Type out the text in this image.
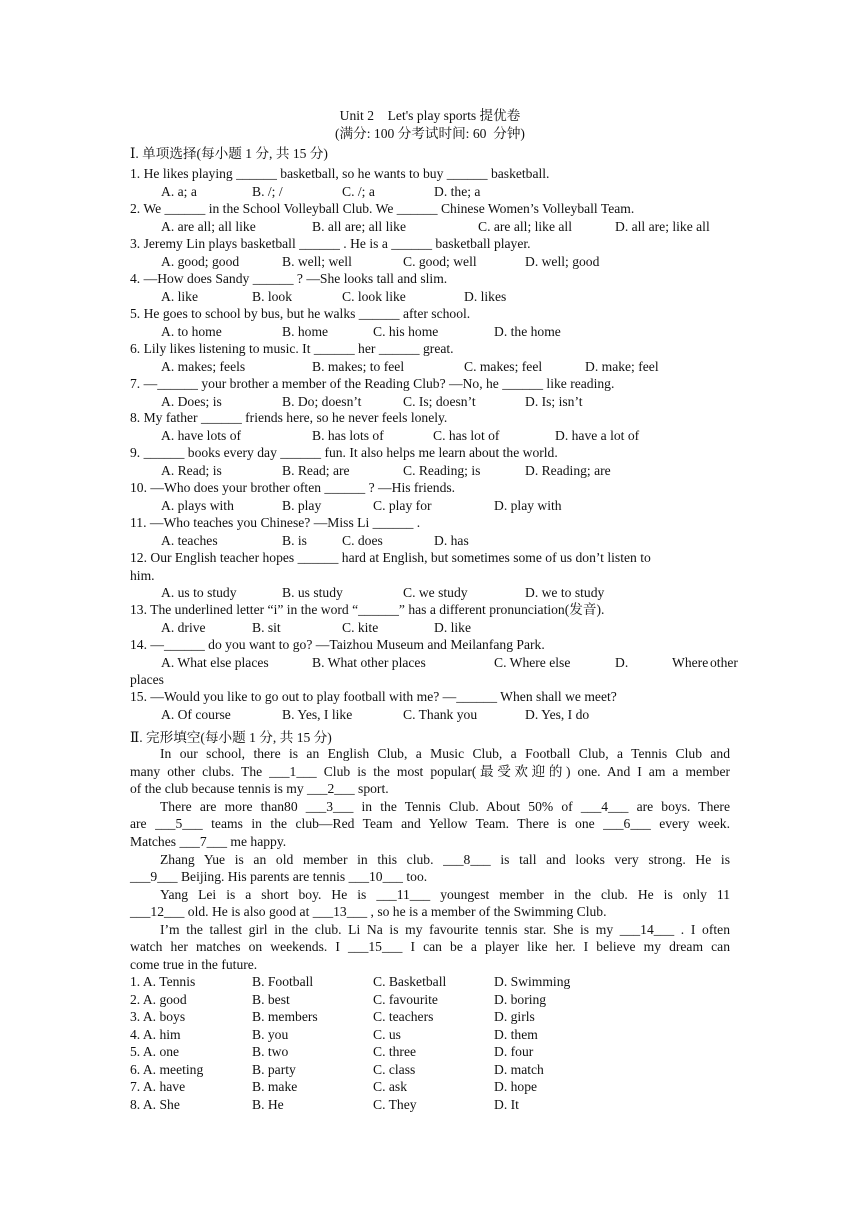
Unit 2　Let's play sports 提优卷
(满分: 100 分考试时间: 60  分钟)
Ⅰ. 单项选择(每小题 1 分, 共 15 分)
1. He likes playing ______ basketball, so he wants to buy ______ basketball.
A. a; a	B. /; /	C. /; a	D. the; a
2. We ______ in the School Volleyball Club. We ______ Chinese Women’s Volleyball Team.
A. are all; all like	B. all are; all like	C. are all; like all	D. all are; like all
3. Jeremy Lin plays basketball ______ . He is a ______ basketball player.
A. good; good	B. well; well	C. good; well	D. well; good
4. —How does Sandy ______ ? —She looks tall and slim.
A. like	B. look	C. look like	D. likes
5. He goes to school by bus, but he walks ______ after school.
A. to home	B. home	C. his home	D. the home
6. Lily likes listening to music. It ______ her ______ great.
A. makes; feels	B. makes; to feel	C. makes; feel	D. make; feel
7. —______ your brother a member of the Reading Club? —No, he ______ like reading.
A. Does; is	B. Do; doesn’t	C. Is; doesn’t	D. Is; isn’t
8. My father ______ friends here, so he never feels lonely.
A. have lots of	B. has lots of	C. has lot of	D. have a lot of
9. ______ books every day ______ fun. It also helps me learn about the world.
A. Read; is	B. Read; are	C. Reading; is	D. Reading; are
10. —Who does your brother often ______ ? —His friends.
A. plays with	B. play	C. play for	D. play with
11. —Who teaches you Chinese? —Miss Li ______ .
A. teaches	B. is	C. does	D. has
12. Our English teacher hopes ______ hard at English, but sometimes some of us don’t listen to
him.
A. us to study	B. us study	C. we study	D. we to study
13. The underlined letter “i” in the word “______” has a different pronunciation(发音).
A. drive	B. sit	C. kite	D. like
14. —______ do you want to go? —Taizhou Museum and Meilanfang Park.
A. What else places	B. What other places	C. Where else	D.	Where other
places
15. —Would you like to go out to play football with me? —______ When shall we meet?
A. Of course	B. Yes, I like	C. Thank you	D. Yes, I do
Ⅱ. 完形填空(每小题 1 分, 共 15 分)
In our school, there is an English Club, a Music Club, a Football Club, a Tennis Club and
many other clubs. The ___1___ Club is the most popular(最受欢迎的) one. And I am a member
of the club because tennis is my ___2___ sport.
There are more than80 ___3___ in the Tennis Club. About 50% of ___4___ are boys. There
are ___5___ teams in the club—Red Team and Yellow Team. There is one ___6___ every week.
Matches ___7___ me happy.
Zhang Yue is an old member in this club. ___8___ is tall and looks very strong. He is
___9___ Beijing. His parents are tennis ___10___ too.
Yang Lei is a short boy. He is ___11___ youngest member in the club. He is only 11
___12___ old. He is also good at ___13___ , so he is a member of the Swimming Club.
I’m the tallest girl in the club. Li Na is my favourite tennis star. She is my ___14___ . I often
watch her matches on weekends. I ___15___ I can be a player like her. I believe my dream can
come true in the future.
1. A. Tennis	B. Football	C. Basketball	D. Swimming
2. A. good	B. best	C. favourite	D. boring
3. A. boys	B. members	C. teachers	D. girls
4. A. him	B. you	C. us	D. them
5. A. one	B. two	C. three	D. four
6. A. meeting	B. party	C. class	D. match
7. A. have	B. make	C. ask	D. hope
8. A. She	B. He	C. They	D. It
